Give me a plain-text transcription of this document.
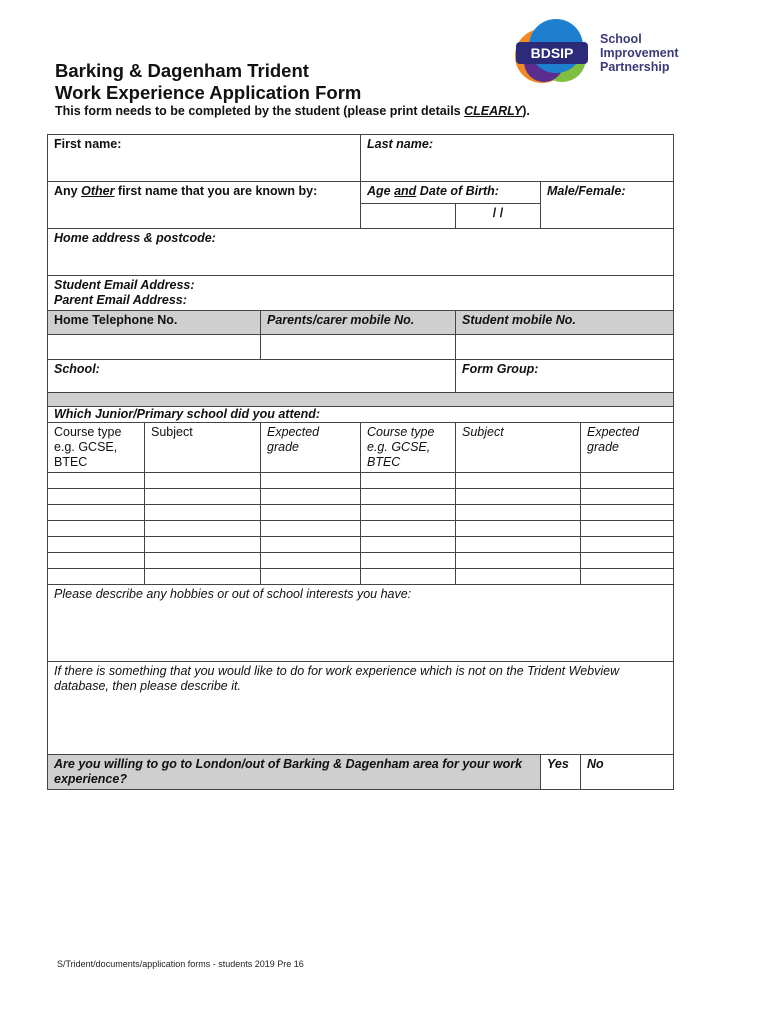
BDSIP
School
Improvement
Partnership
Barking & Dagenham Trident
Work Experience Application Form
This form needs to be completed by the student (please print details CLEARLY).
First name:			Last name:			
Any Other first name that you are known by:			Age and Date of Birth:		Male/Female:	
				/ /		
Home address & postcode:						

Student Email Address:
Parent Email Address:						

Home Telephone No.		Parents/carer mobile No.		Student mobile No.		

School:				Form Group:		

Which Junior/Primary school did you attend:						
Course type e.g. GCSE, BTEC	Subject	Expected grade	Course type e.g. GCSE, BTEC	Subject		Expected grade

Please describe any hobbies or out of school interests you have:						
If there is something that you would like to do for work experience which is not on the Trident Webview database, then please describe it.						
Are you willing to go to London/out of Barking & Dagenham area for your work experience?					Yes	No
S/Trident/documents/application forms - students 2019 Pre 16
